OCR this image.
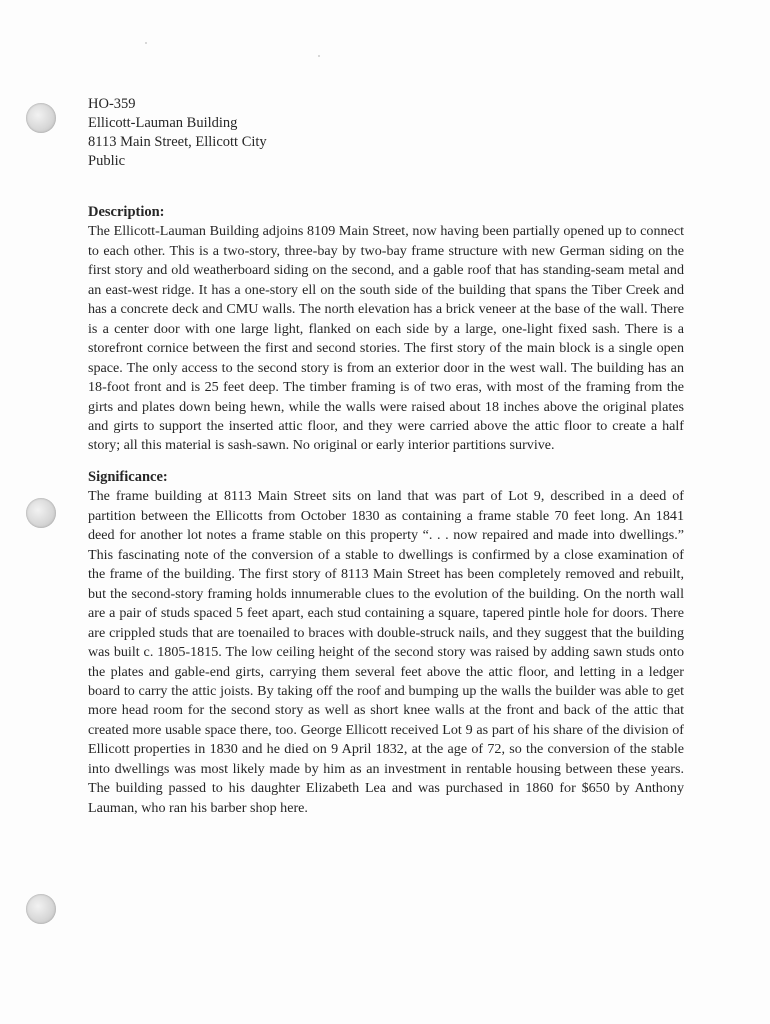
HO-359
Ellicott-Lauman Building
8113 Main Street, Ellicott City
Public
Description:

The Ellicott-Lauman Building adjoins 8109 Main Street, now having been partially opened up to connect to each other. This is a two-story, three-bay by two-bay frame structure with new German siding on the first story and old weatherboard siding on the second, and a gable roof that has standing-seam metal and an east-west ridge. It has a one-story ell on the south side of the building that spans the Tiber Creek and has a concrete deck and CMU walls. The north elevation has a brick veneer at the base of the wall. There is a center door with one large light, flanked on each side by a large, one-light fixed sash. There is a storefront cornice between the first and second stories. The first story of the main block is a single open space. The only access to the second story is from an exterior door in the west wall. The building has an 18-foot front and is 25 feet deep. The timber framing is of two eras, with most of the framing from the girts and plates down being hewn, while the walls were raised about 18 inches above the original plates and girts to support the inserted attic floor, and they were carried above the attic floor to create a half story; all this material is sash-sawn. No original or early interior partitions survive.

Significance:

The frame building at 8113 Main Street sits on land that was part of Lot 9, described in a deed of partition between the Ellicotts from October 1830 as containing a frame stable 70 feet long. An 1841 deed for another lot notes a frame stable on this property “. . . now repaired and made into dwellings.” This fascinating note of the conversion of a stable to dwellings is confirmed by a close examination of the frame of the building. The first story of 8113 Main Street has been completely removed and rebuilt, but the second-story framing holds innumerable clues to the evolution of the building. On the north wall are a pair of studs spaced 5 feet apart, each stud containing a square, tapered pintle hole for doors. There are crippled studs that are toenailed to braces with double-struck nails, and they suggest that the building was built c. 1805-1815. The low ceiling height of the second story was raised by adding sawn studs onto the plates and gable-end girts, carrying them several feet above the attic floor, and letting in a ledger board to carry the attic joists. By taking off the roof and bumping up the walls the builder was able to get more head room for the second story as well as short knee walls at the front and back of the attic that created more usable space there, too. George Ellicott received Lot 9 as part of his share of the division of Ellicott properties in 1830 and he died on 9 April 1832, at the age of 72, so the conversion of the stable into dwellings was most likely made by him as an investment in rentable housing between these years. The building passed to his daughter Elizabeth Lea and was purchased in 1860 for $650 by Anthony Lauman, who ran his barber shop here.
